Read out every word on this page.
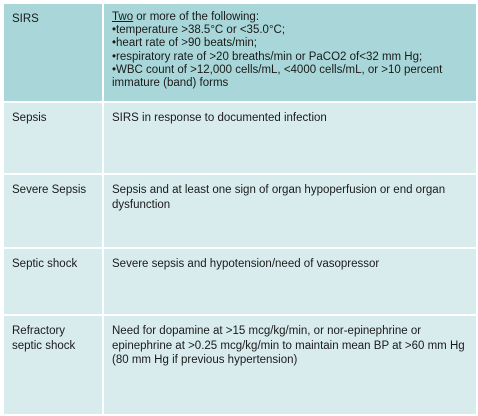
SIRS	Two or more of the following:
•temperature >38.5°C or <35.0°C;
•heart rate of >90 beats/min;
•respiratory rate of >20 breaths/min or PaCO2 of<32 mm Hg;
•WBC count of >12,000 cells/mL, <4000 cells/mL, or >10 percent immature (band) forms

Sepsis	SIRS in response to documented infection
Severe Sepsis	Sepsis and at least one sign of organ hypoperfusion or end organ dysfunction
Septic shock	Severe sepsis and hypotension/need of vasopressor
Refractory septic shock	Need for dopamine at >15 mcg/kg/min, or nor-epinephrine or epinephrine at >0.25 mcg/kg/min to maintain mean BP at >60 mm Hg (80 mm Hg if previous hypertension)
